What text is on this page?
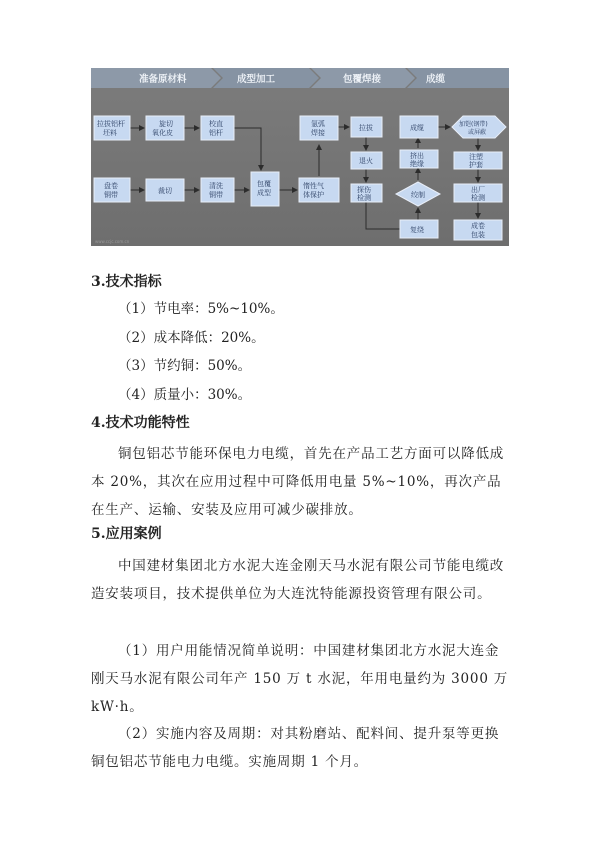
准备原材料	成型加工	包覆焊接	成缆
拉拔铝杆
坯料
旋切
氧化皮
校直
铝杆
氩弧
焊接
拉拔	成缆	加铠(钢带)
或屏蔽
盘卷
铜带	裁切
清洗
铜带
包覆
成型
惰性气
体保护
退火
挤出
绝缘
注塑
护套
探伤
检测	绞制
出厂
检测
复绕	成卷
包装
www.ccjc.com.cn
3.技术指标
（1）节电率：5%~10%。
（2）成本降低：20%。
（3）节约铜：50%。
（4）质量小：30%。
4.技术功能特性
铜包铝芯节能环保电力电缆，首先在产品工艺方面可以降低成本 20%，其次在应用过程中可降低用电量 5%~10%，再次产品在生产、运输、安装及应用可减少碳排放。
5.应用案例
中国建材集团北方水泥大连金刚天马水泥有限公司节能电缆改造安装项目，技术提供单位为大连沈特能源投资管理有限公司。
（1）用户用能情况简单说明：中国建材集团北方水泥大连金刚天马水泥有限公司年产 150 万 t 水泥，年用电量约为 3000 万 kW·h。
（2）实施内容及周期：对其粉磨站、配料间、提升泵等更换铜包铝芯节能电力电缆。实施周期 1 个月。
